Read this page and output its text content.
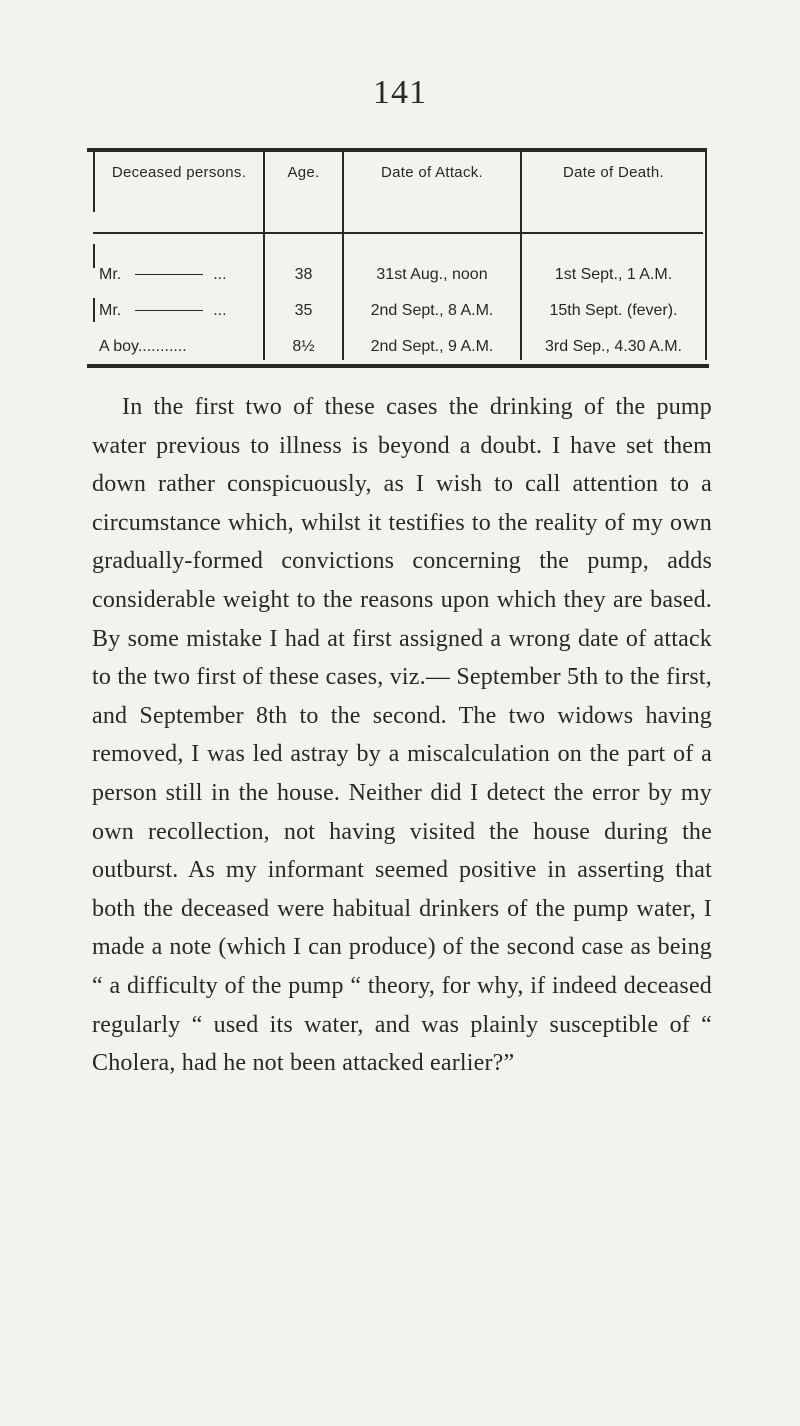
141
Deceased persons.	Age.	Date of Attack.	Date of Death.
Mr.	...	38	31st Aug., noon	1st Sept., 1 A.M.
Mr.	...	35	2nd Sept., 8 A.M.	15th Sept. (fever).
A boy...........	8½	2nd Sept., 9 A.M.	3rd Sep., 4.30 A.M.

In the first two of these cases the drinking of the pump water previous to illness is beyond a doubt. I have set them down rather conspicuously, as I wish to call attention to a circumstance which, whilst it testifies to the reality of my own gradually-formed convictions concerning the pump, adds considerable weight to the reasons upon which they are based. By some mistake I had at first assigned a wrong date of attack to the two first of these cases, viz.— September 5th to the first, and September 8th to the second. The two widows having removed, I was led astray by a miscalculation on the part of a person still in the house. Neither did I detect the error by my own recollection, not having visited the house during the outburst. As my informant seemed positive in asserting that both the deceased were habitual drinkers of the pump water, I made a note (which I can produce) of the second case as being “ a difficulty of the pump “ theory, for why, if indeed deceased regularly “ used its water, and was plainly susceptible of “ Cholera, had he not been attacked earlier?”
